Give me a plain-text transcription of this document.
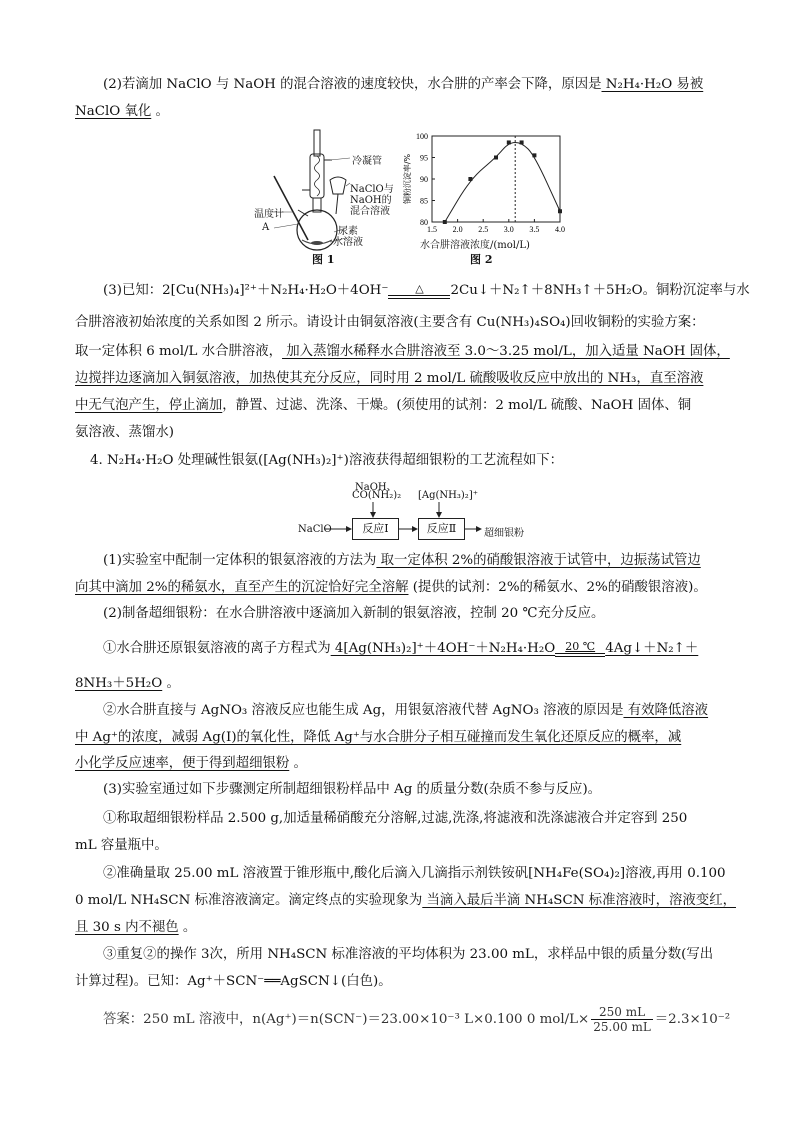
(2)若滴加 NaClO 与 NaOH 的混合溶液的速度较快，水合肼的产率会下降，原因是 N₂H₄·H₂O 易被
NaClO 氧化 。
冷凝管
NaClO与
NaOH的
混合溶液
温度计
A	尿素
水溶液
图 1
80
85
90
95
100
1.5 2.0 2.5 3.0 3.5 4.0
铜粉沉淀率/%
水合肼溶液浓度/(mol/L)
图 2
(3)已知：2[Cu(NH₃)₄]²⁺＋N₂H₄·H₂O＋4OH⁻	△	2Cu↓＋N₂↑＋8NH₃↑＋5H₂O。铜粉沉淀率与水
合肼溶液初始浓度的关系如图 2 所示。请设计由铜氨溶液(主要含有 Cu(NH₃)₄SO₄)回收铜粉的实验方案：
取一定体积 6 mol/L 水合肼溶液， 加入蒸馏水稀释水合肼溶液至 3.0～3.25 mol/L，加入适量 NaOH 固体，
边搅拌边逐滴加入铜氨溶液，加热使其充分反应，同时用 2 mol/L 硫酸吸收反应中放出的 NH₃，直至溶液
中无气泡产生，停止滴加，静置、过滤、洗涤、干燥。(须使用的试剂：2 mol/L 硫酸、NaOH 固体、铜
氨溶液、蒸馏水)
4. N₂H₄·H₂O 处理碱性银氨([Ag(NH₃)₂]⁺)溶液获得超细银粉的工艺流程如下：
NaOH、
CO(NH₂)₂ [Ag(NH₃)₂]⁺
NaClO	反应Ⅰ	反应Ⅱ	超细银粉
(1)实验室中配制一定体积的银氨溶液的方法为 取一定体积 2%的硝酸银溶液于试管中，边振荡试管边
向其中滴加 2%的稀氨水，直至产生的沉淀恰好完全溶解 (提供的试剂：2%的稀氨水、2%的硝酸银溶液)。
(2)制备超细银粉：在水合肼溶液中逐滴加入新制的银氨溶液，控制 20 ℃充分反应。
①水合肼还原银氨溶液的离子方程式为 4[Ag(NH₃)₂]⁺＋4OH⁻＋N₂H₄·H₂O 20 ℃ 4Ag↓＋N₂↑＋
8NH₃＋5H₂O 。
②水合肼直接与 AgNO₃ 溶液反应也能生成 Ag，用银氨溶液代替 AgNO₃ 溶液的原因是 有效降低溶液
中 Ag⁺的浓度，减弱 Ag(Ⅰ)的氧化性，降低 Ag⁺与水合肼分子相互碰撞而发生氧化还原反应的概率，减
小化学反应速率，便于得到超细银粉 。
(3)实验室通过如下步骤测定所制超细银粉样品中 Ag 的质量分数(杂质不参与反应)。
①称取超细银粉样品 2.500 g,加适量稀硝酸充分溶解,过滤,洗涤,将滤液和洗涤滤液合并定容到 250
mL 容量瓶中。
②准确量取 25.00 mL 溶液置于锥形瓶中,酸化后滴入几滴指示剂铁铵矾[NH₄Fe(SO₄)₂]溶液,再用 0.100
0 mol/L NH₄SCN 标准溶液滴定。滴定终点的实验现象为 当滴入最后半滴 NH₄SCN 标准溶液时，溶液变红，
且 30 s 内不褪色 。
③重复②的操作 3次，所用 NH₄SCN 标准溶液的平均体积为 23.00 mL，求样品中银的质量分数(写出
计算过程)。已知：Ag⁺＋SCN⁻══AgSCN↓(白色)。
答案：250 mL 溶液中，n(Ag⁺)＝n(SCN⁻)＝23.00×10⁻³ L×0.100 0 $mol/L\times \frac{250 mL}{25.00 mL} =2.3\times 10^{-2}$
